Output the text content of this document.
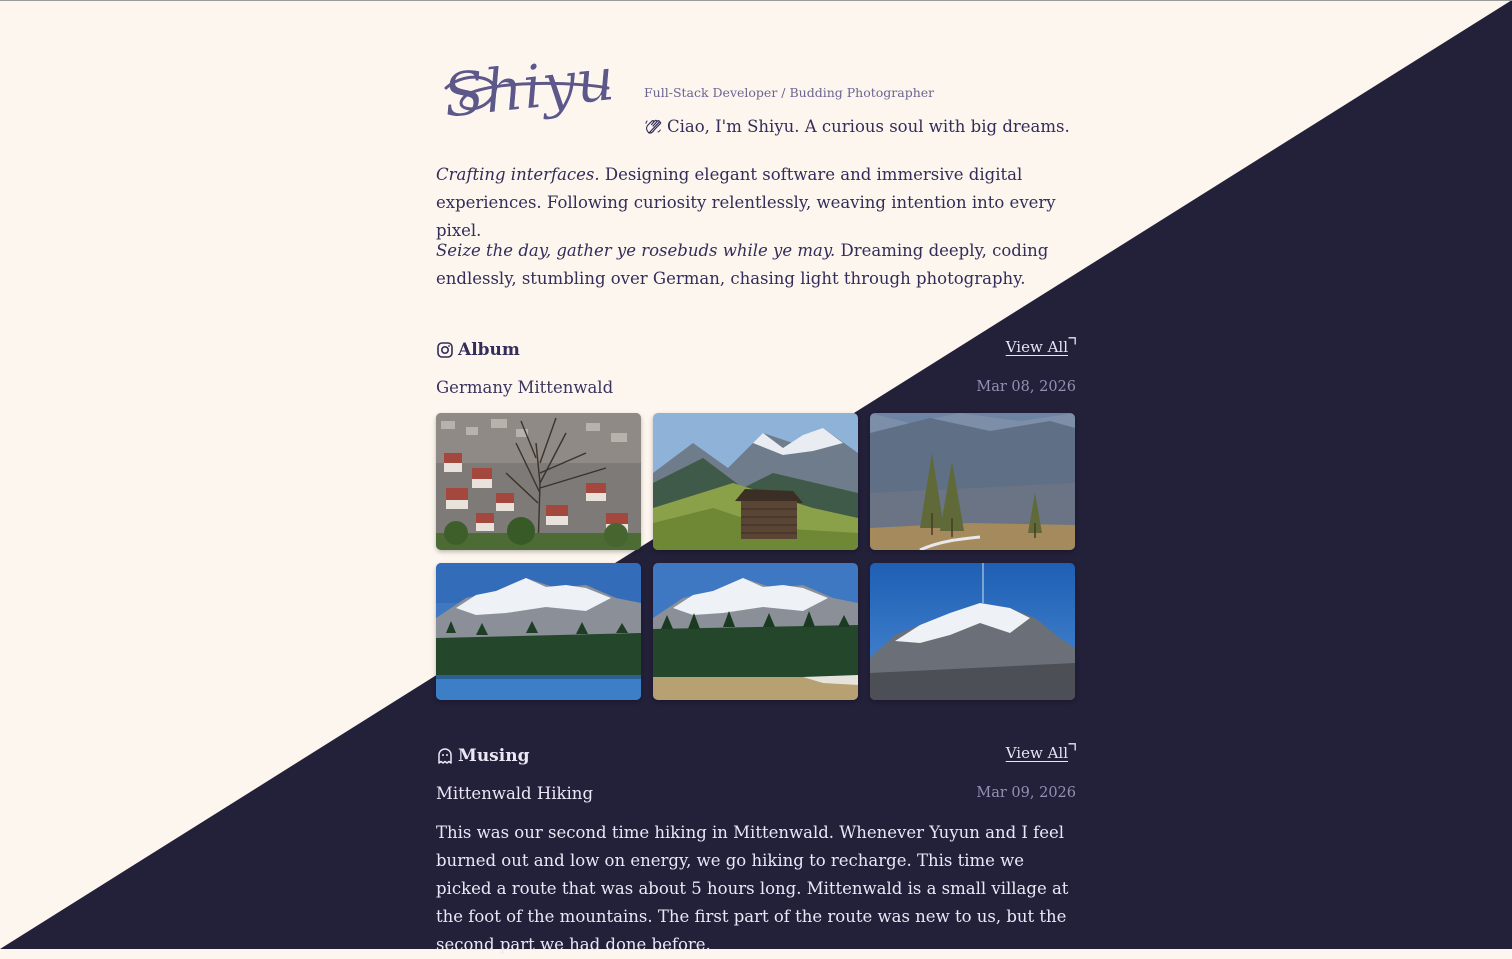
Shiyu Full-Stack Developer / Budding Photographer
Ciao, I'm Shiyu. A curious soul with big dreams.

Crafting interfaces. Designing elegant software and immersive digital experiences. Following curiosity relentlessly, weaving intention into every pixel.

Seize the day, gather ye rosebuds while ye may. Dreaming deeply, coding endlessly, stumbling over German, chasing light through photography.

Album	View All
Germany Mittenwald	Mar 08, 2026
Musing	View All
Mittenwald Hiking	Mar 09, 2026

This was our second time hiking in Mittenwald. Whenever Yuyun and I feel burned out and low on energy, we go hiking to recharge. This time we picked a route that was about 5 hours long. Mittenwald is a small village at the foot of the mountains. The first part of the route was new to us, but the second part we had done before.
